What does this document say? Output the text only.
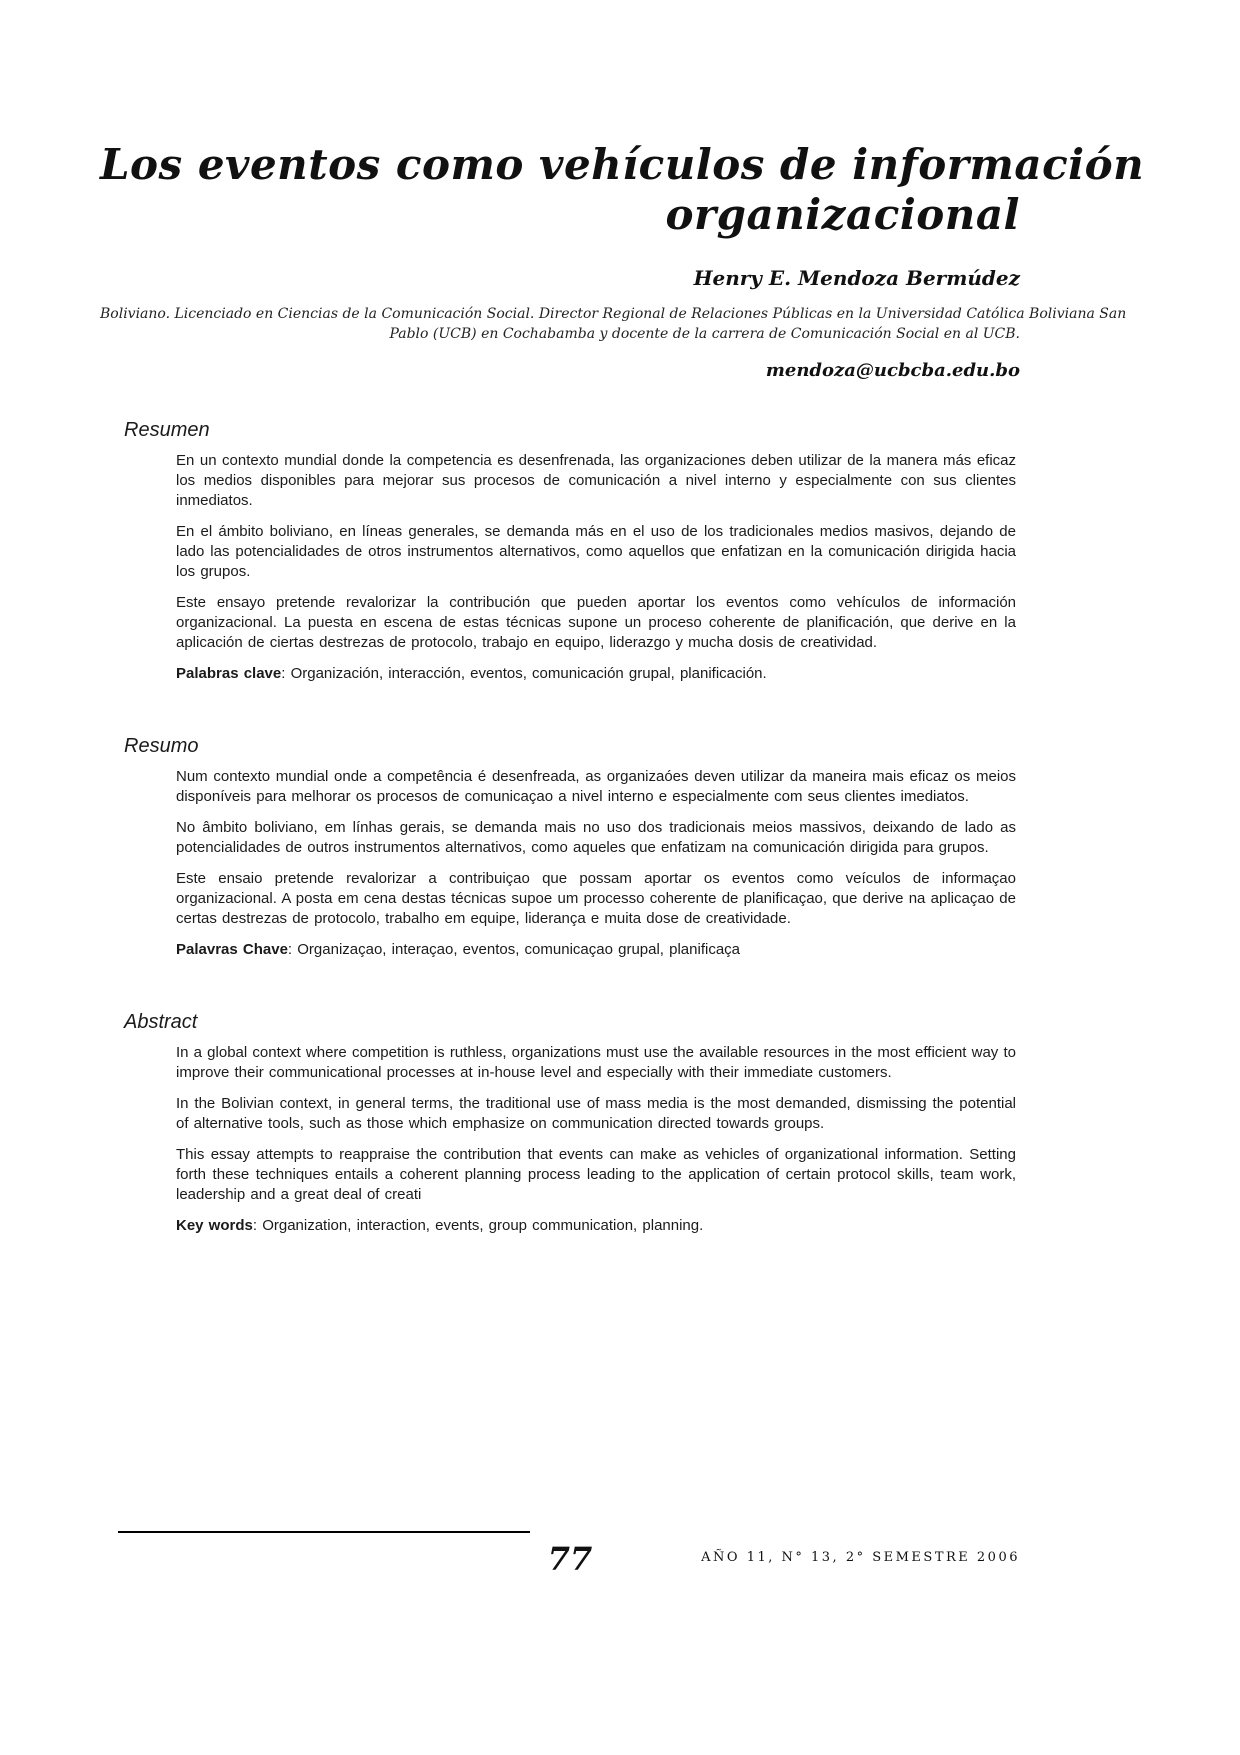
Los eventos como vehículos de información
organizacional
Henry E. Mendoza Bermúdez
Boliviano. Licenciado en Ciencias de la Comunicación Social. Director Regional de Relaciones Públicas en la Universidad Católica Boliviana San
Pablo (UCB) en Cochabamba y docente de la carrera de Comunicación Social en al UCB.
mendoza@ucbcba.edu.bo
Resumen

En un contexto mundial donde la competencia es desenfrenada, las organizaciones deben utilizar de la manera más eficaz los medios disponibles para mejorar sus procesos de comunicación a nivel interno y especialmente con sus clientes inmediatos.

En el ámbito boliviano, en líneas generales, se demanda más en el uso de los tradicionales medios masivos, dejando de lado las potencialidades de otros instrumentos alternativos, como aquellos que enfatizan en la comunicación dirigida hacia los grupos.

Este ensayo pretende revalorizar la contribución que pueden aportar los eventos como vehículos de información organizacional. La puesta en escena de estas técnicas supone un proceso coherente de planificación, que derive en la aplicación de ciertas destrezas de protocolo, trabajo en equipo, liderazgo y mucha dosis de creatividad.

Palabras clave: Organización, interacción, eventos, comunicación grupal, planificación.

Resumo

Num contexto mundial onde a competência é desenfreada, as organizaóes deven utilizar da maneira mais eficaz os meios disponíveis para melhorar os procesos de comunicaçao a nivel interno e especialmente com seus clientes imediatos.

No âmbito boliviano, em línhas gerais, se demanda mais no uso dos tradicionais meios massivos, deixando de lado as potencialidades de outros instrumentos alternativos, como aqueles que enfatizam na comunicación dirigida para grupos.

Este ensaio pretende revalorizar a contribuiçao que possam aportar os eventos como veículos de informaçao organizacional. A posta em cena destas técnicas supoe um processo coherente de planificaçao, que derive na aplicaçao de certas destrezas de protocolo, trabalho em equipe, liderança e muita dose de creatividade.

Palavras Chave: Organizaçao, interaçao, eventos, comunicaçao grupal, planificaça

Abstract

In a global context where competition is ruthless, organizations must use the available resources in the most efficient way to improve their communicational processes at in-house level and especially with their immediate customers.

In the Bolivian context, in general terms, the traditional use of mass media is the most demanded, dismissing the potential of alternative tools, such as those which emphasize on communication directed towards groups.

This essay attempts to reappraise the contribution that events can make as vehicles of organizational information. Setting forth these techniques entails a coherent planning process leading to the application of certain protocol skills, team work, leadership and a great deal of creati

Key words: Organization, interaction, events, group communication, planning.

77	AÑO 11, N° 13, 2° SEMESTRE 2006
